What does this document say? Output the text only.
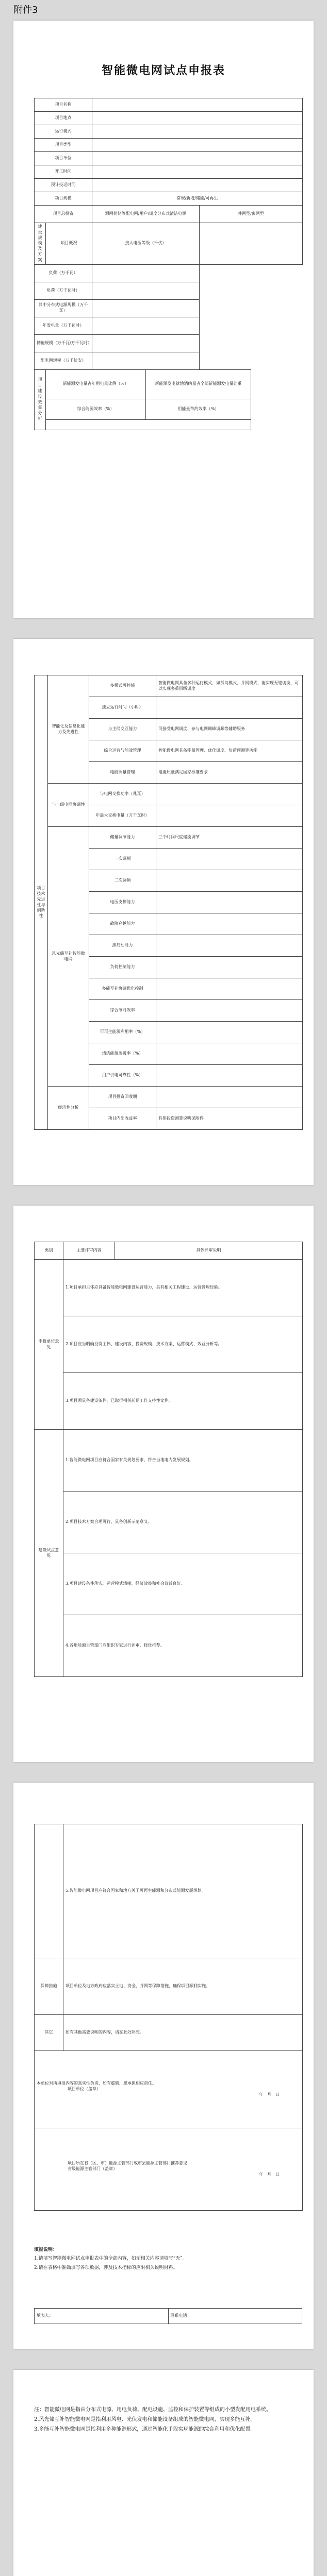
附件3
智能微电网试点申报表
项目名称				
项目地点				
运行模式				
项目类型				
项目单位				
开工时间				
预计投运时间				
项目规模		常规/新增/储能/可再生		
项目总投资		源网荷储等配电网/用户/调度分布式清洁电源		并网型/离网型
建设规模及方案	项目概况	接入电压等级（千伏）		
负荷（万千瓦）				
负荷（万千瓦时）				
其中分布式电源规模（万千瓦）				
年发电量（万千瓦时）				
储能规模（万千瓦/万千瓦时）				
配电网规模（万千伏安）				
项目建设效益分析	新能源发电量占年用电量比例（%）		新能源发电就地消纳量占全部新能源发电量比重	
	综合能源效率（%）		用能量节约效率（%）	

项目技术先进性与创新性	智能化及信息化能力及先进性	多模式可控能	智能微电网具备多种运行模式，如孤岛模式、并网模式，能实现无缝切换，可以实现多重层级调度
		独立运行时间（小时）	
		与主网交互能力	可接受电网调度，参与电网调峰调频等辅助服务
		综合运营与能效管理	智能微电网具备能量管理、优化调度、负荷预测等功能
		电能质量管理	电能质量满足国家标准要求
	与上级电网协调性	与电网交换功率（兆瓦）	
		年最大交换电量（万千瓦时）	
	风光储互补智能微电网	储量调节能力	三个时间尺度储能调节
		一次调频	
		二次调频	
		电压支撑能力	
		故障穿越能力	
		黑启动能力	
		负荷控制能力	
		多能互补协调优化控制	
		综合节能效率	
		可再生能源利用率（%）	
		清洁能源渗透率（%）	
		用户供电可靠性（%）	
	经济性分析	项目投资回收期	
		项目内部收益率	具体投资测算说明见附件
类别	主要评审内容	具体评审说明
申报单位意见	1.项目承担主体应具备智能微电网建设运营能力，具有相关工程建设、运营管理经验。	
	2.项目应当明确投资主体、建设内容、投资规模、技术方案、运营模式、效益分析等。	
	3.项目须具备建设条件，已取得相关前期工作支持性文件。	
建设试点意见	1.智能微电网项目应符合国家有关规划要求，符合当地电力发展规划。	
	2.项目技术方案合理可行，具备创新示范意义。	
	3.项目建设条件落实，运营模式清晰，经济效益和社会效益良好。	
	4.各地能源主管部门应组织专家进行评审，择优推荐。	
	5.智能微电网项目应符合国家和地方关于可再生能源和分布式能源发展规划。
保障措施	项目单位及地方政府应落实土地、资金、并网等保障措施，确保项目顺利实施。
其它	如有其他需要说明的内容，请在此处补充。

本单位对所填报内容的真实性负责，如有虚假，愿承担相应责任。
项目单位（盖章）
年　月　日	

项目所在省（区、市）能源主管部门或市县能源主管部门推荐意见
省级能源主管部门（盖章）
年　月　日	

填报说明：

1.请填写智能微电网试点申报表中的全部内容，如无相关内容请填写“无”。

2.请在表格中准确填写各项数据，涉及技术指标的应附相关说明材料。

填表人：	联系电话：

注：智能微电网是指由分布式电源、用电负荷、配电设施、监控和保护装置等组成的小型发配用电系统。

2.风光储互补智能微电网是指利用风电、光伏发电和储能设备组成的智能微电网，实现多能互补。

3.多能互补智能微电网是指利用多种能源形式，通过智能化手段实现能源的综合利用和优化配置。
